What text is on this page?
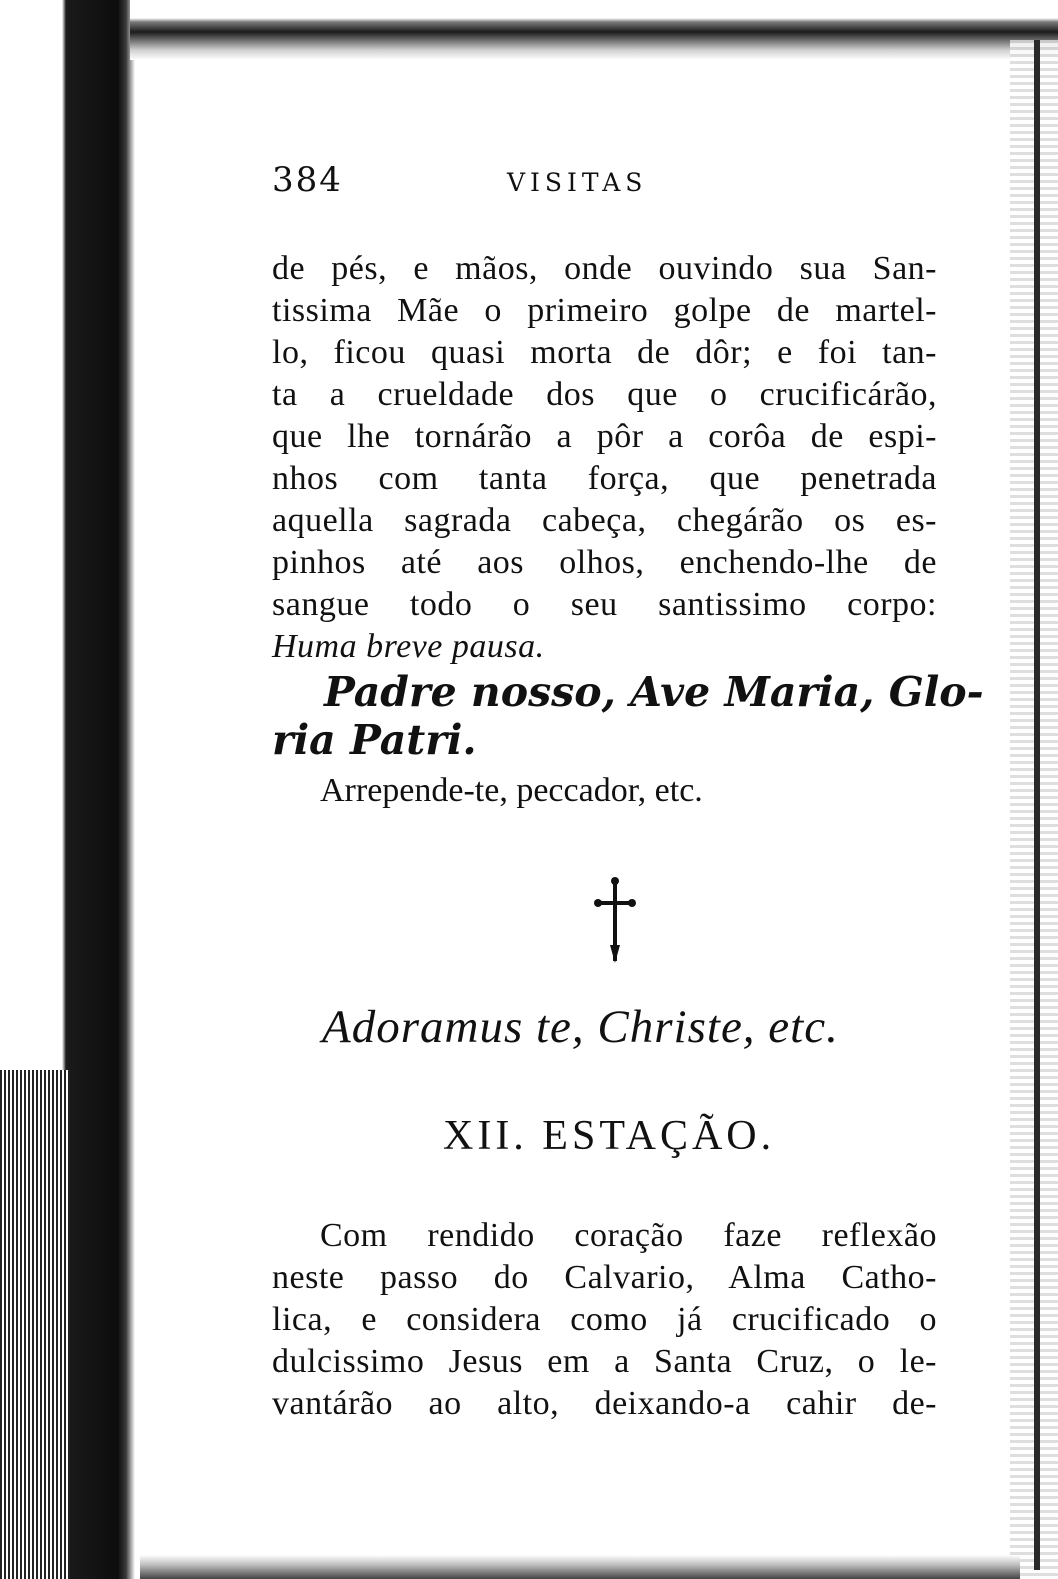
384	VISITAS
de pés, e mãos, onde ouvindo sua San-
tissima Mãe o primeiro golpe de martel-
lo, ficou quasi morta de dôr; e foi tan-
ta a crueldade dos que o crucificárão,
que lhe tornárão a pôr a corôa de espi-
nhos com tanta força, que penetrada
aquella sagrada cabeça, chegárão os es-
pinhos até aos olhos, enchendo-lhe de
sangue todo o seu santissimo corpo:
Huma breve pausa.
Padre nosso, Ave Maria, Glo-
ria Patri.
Arrepende-te, peccador, etc.
Adoramus te, Christe, etc.
XII. ESTAÇÃO.
Com rendido coração faze reflexão
neste passo do Calvario, Alma Catho-
lica, e considera como já crucificado o
dulcissimo Jesus em a Santa Cruz, o le-
vantárão ao alto, deixando-a cahir de-
